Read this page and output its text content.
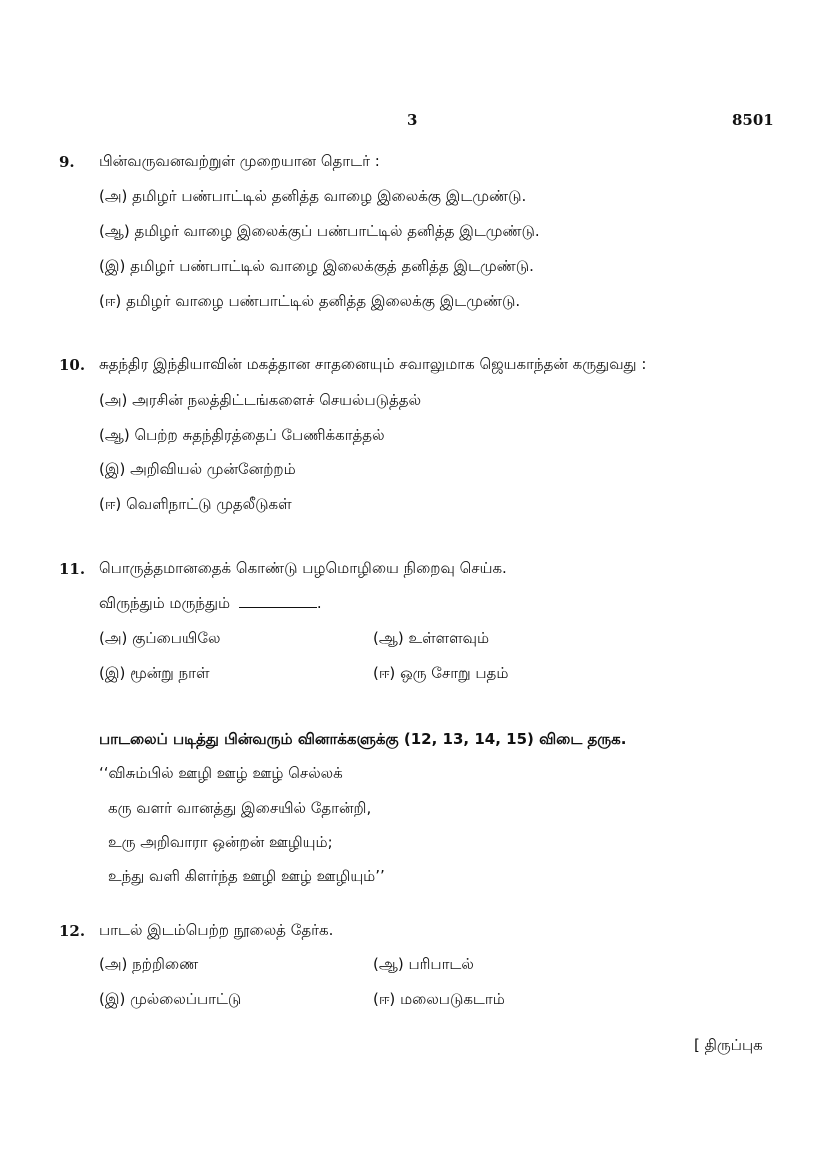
3	8501
9. பின்வருவனவற்றுள் முறையான தொடர் :
(அ) தமிழர் பண்பாட்டில் தனித்த வாழை இலைக்கு இடமுண்டு.
(ஆ) தமிழர் வாழை இலைக்குப் பண்பாட்டில் தனித்த இடமுண்டு.
(இ) தமிழர் பண்பாட்டில் வாழை இலைக்குத் தனித்த இடமுண்டு.
(ஈ) தமிழர் வாழை பண்பாட்டில் தனித்த இலைக்கு இடமுண்டு.
10. சுதந்திர இந்தியாவின் மகத்தான சாதனையும் சவாலுமாக ஜெயகாந்தன் கருதுவது :
(அ) அரசின் நலத்திட்டங்களைச் செயல்படுத்தல்
(ஆ) பெற்ற சுதந்திரத்தைப் பேணிக்காத்தல்
(இ) அறிவியல் முன்னேற்றம்
(ஈ) வெளிநாட்டு முதலீடுகள்
11. பொருத்தமானதைக் கொண்டு பழமொழியை நிறைவு செய்க.
விருந்தும் மருந்தும்	.
(அ) குப்பையிலே	(ஆ) உள்ளளவும்
(இ) மூன்று நாள்	(ஈ) ஒரு சோறு பதம்
பாடலைப் படித்து பின்வரும் வினாக்களுக்கு (12, 13, 14, 15) விடை தருக.
‘‘விசும்பில் ஊழி ஊழ் ஊழ் செல்லக்
கரு வளர் வானத்து இசையில் தோன்றி,
உரு அறிவாரா ஒன்றன் ஊழியும்;
உந்து வளி கிளர்ந்த ஊழி ஊழ் ஊழியும்’’
12. பாடல் இடம்பெற்ற நூலைத் தேர்க.
(அ) நற்றிணை	(ஆ) பரிபாடல்
(இ) முல்லைப்பாட்டு	(ஈ) மலைபடுகடாம்
[ திருப்புக
